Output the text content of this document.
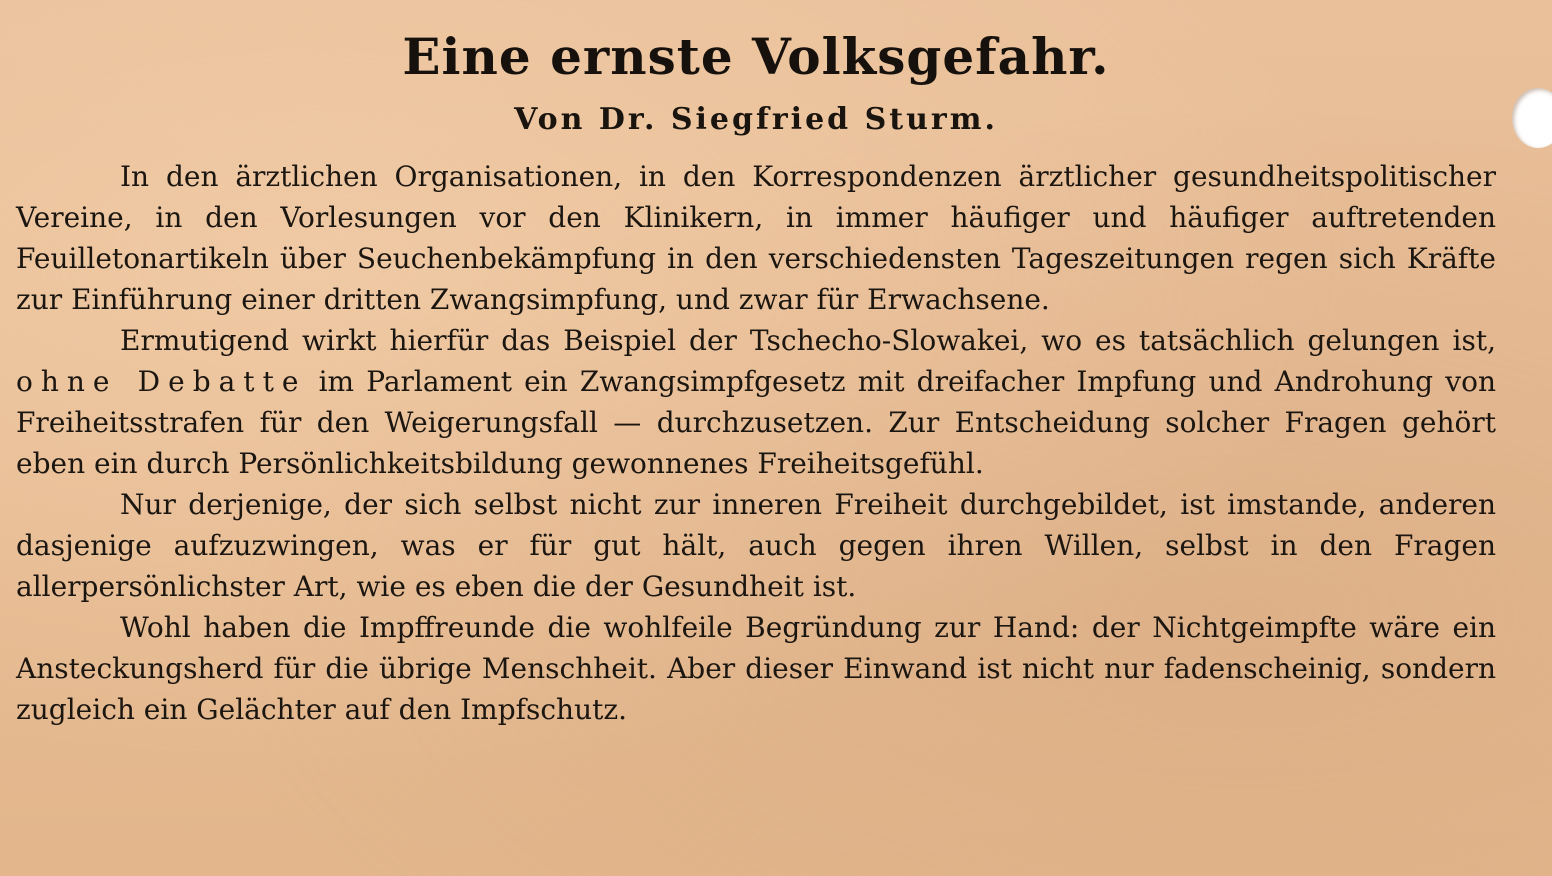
Eine ernste Volksgefahr.
Von Dr. Siegfried Sturm.

In den ärztlichen Organisationen, in den Korrespondenzen ärztlicher gesundheitspolitischer Vereine, in den Vorlesungen vor den Klinikern, in immer häufiger und häufiger auftretenden Feuilletonartikeln über Seuchenbekämpfung in den verschiedensten Tageszeitungen regen sich Kräfte zur Einführung einer dritten Zwangsimpfung, und zwar für Erwachsene.

Ermutigend wirkt hierfür das Beispiel der Tschecho-Slowakei, wo es tatsächlich gelungen ist, ohne Debatte im Parlament ein Zwangsimpfgesetz mit dreifacher Impfung und Androhung von Freiheitsstrafen für den Weigerungsfall — durchzusetzen. Zur Entscheidung solcher Fragen gehört eben ein durch Persönlichkeitsbildung gewonnenes Freiheitsgefühl.

Nur derjenige, der sich selbst nicht zur inneren Freiheit durchgebildet, ist imstande, anderen dasjenige aufzuzwingen, was er für gut hält, auch gegen ihren Willen, selbst in den Fragen allerpersönlichster Art, wie es eben die der Gesundheit ist.

Wohl haben die Impffreunde die wohlfeile Begründung zur Hand: der Nichtgeimpfte wäre ein Ansteckungsherd für die übrige Menschheit. Aber dieser Einwand ist nicht nur fadenscheinig, sondern zugleich ein Gelächter auf den Impfschutz.
